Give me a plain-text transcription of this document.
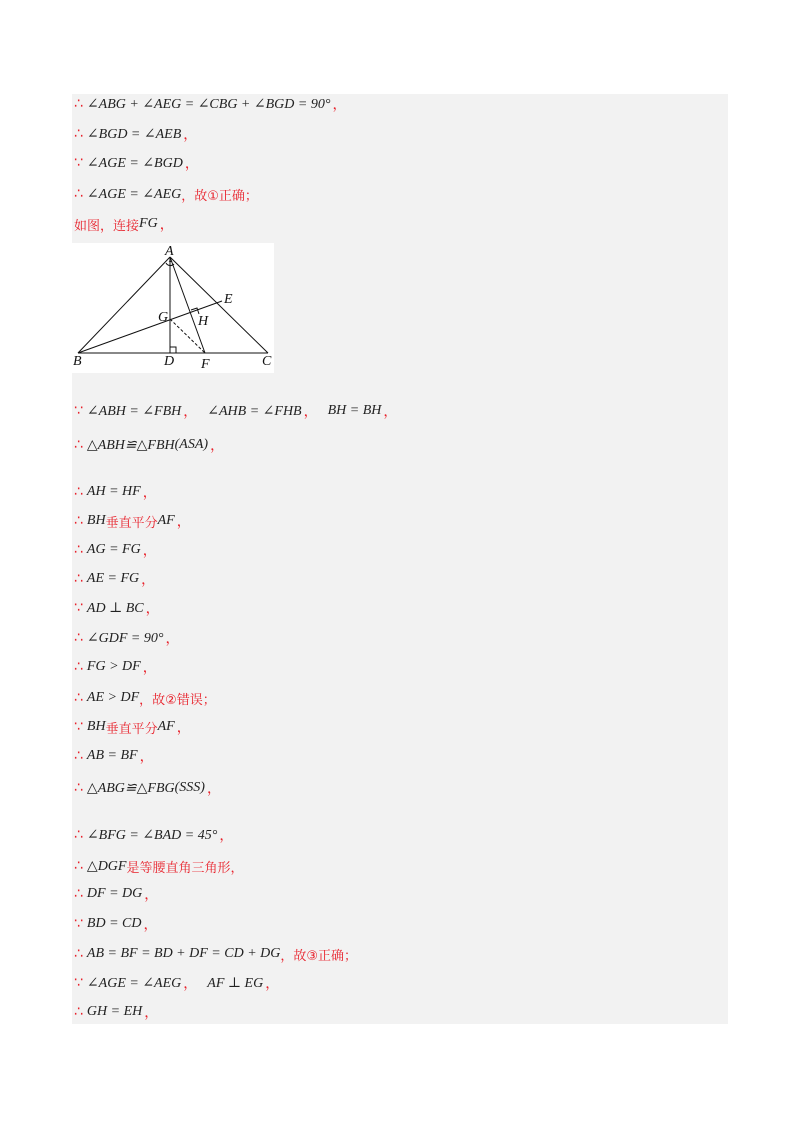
∴ ∠ABG + ∠AEG = ∠CBG + ∠BGD = 90° ，
∴ ∠BGD = ∠AEB ，
∵ ∠AGE = ∠BGD ，
∴ ∠AGE = ∠AEG ，故①正确；
如图，连接 FG ，
A
B	C
D
E
F
G H
∵ ∠ABH = ∠FBH ， ∠AHB = ∠FHB ， BH = BH ，
∴ △ABH≌△FBH (ASA) ，
∴ AH = HF ，
∴ BH 垂直平分 AF ，
∴ AG = FG ，
∴ AE = FG ，
∵ AD ⊥ BC ，
∴ ∠GDF = 90° ，
∴ FG > DF ，
∴ AE > DF ，故②错误；
∵ BH 垂直平分 AF ，
∴ AB = BF ，
∴ △ABG≌△FBG (SSS) ，
∴ ∠BFG = ∠BAD = 45° ，
∴ △DGF 是等腰直角三角形，
∴ DF = DG ，
∵ BD = CD ，
∴ AB = BF = BD + DF = CD + DG ，故③正确；
∵ ∠AGE = ∠AEG ， AF ⊥ EG ，
∴ GH = EH ，
